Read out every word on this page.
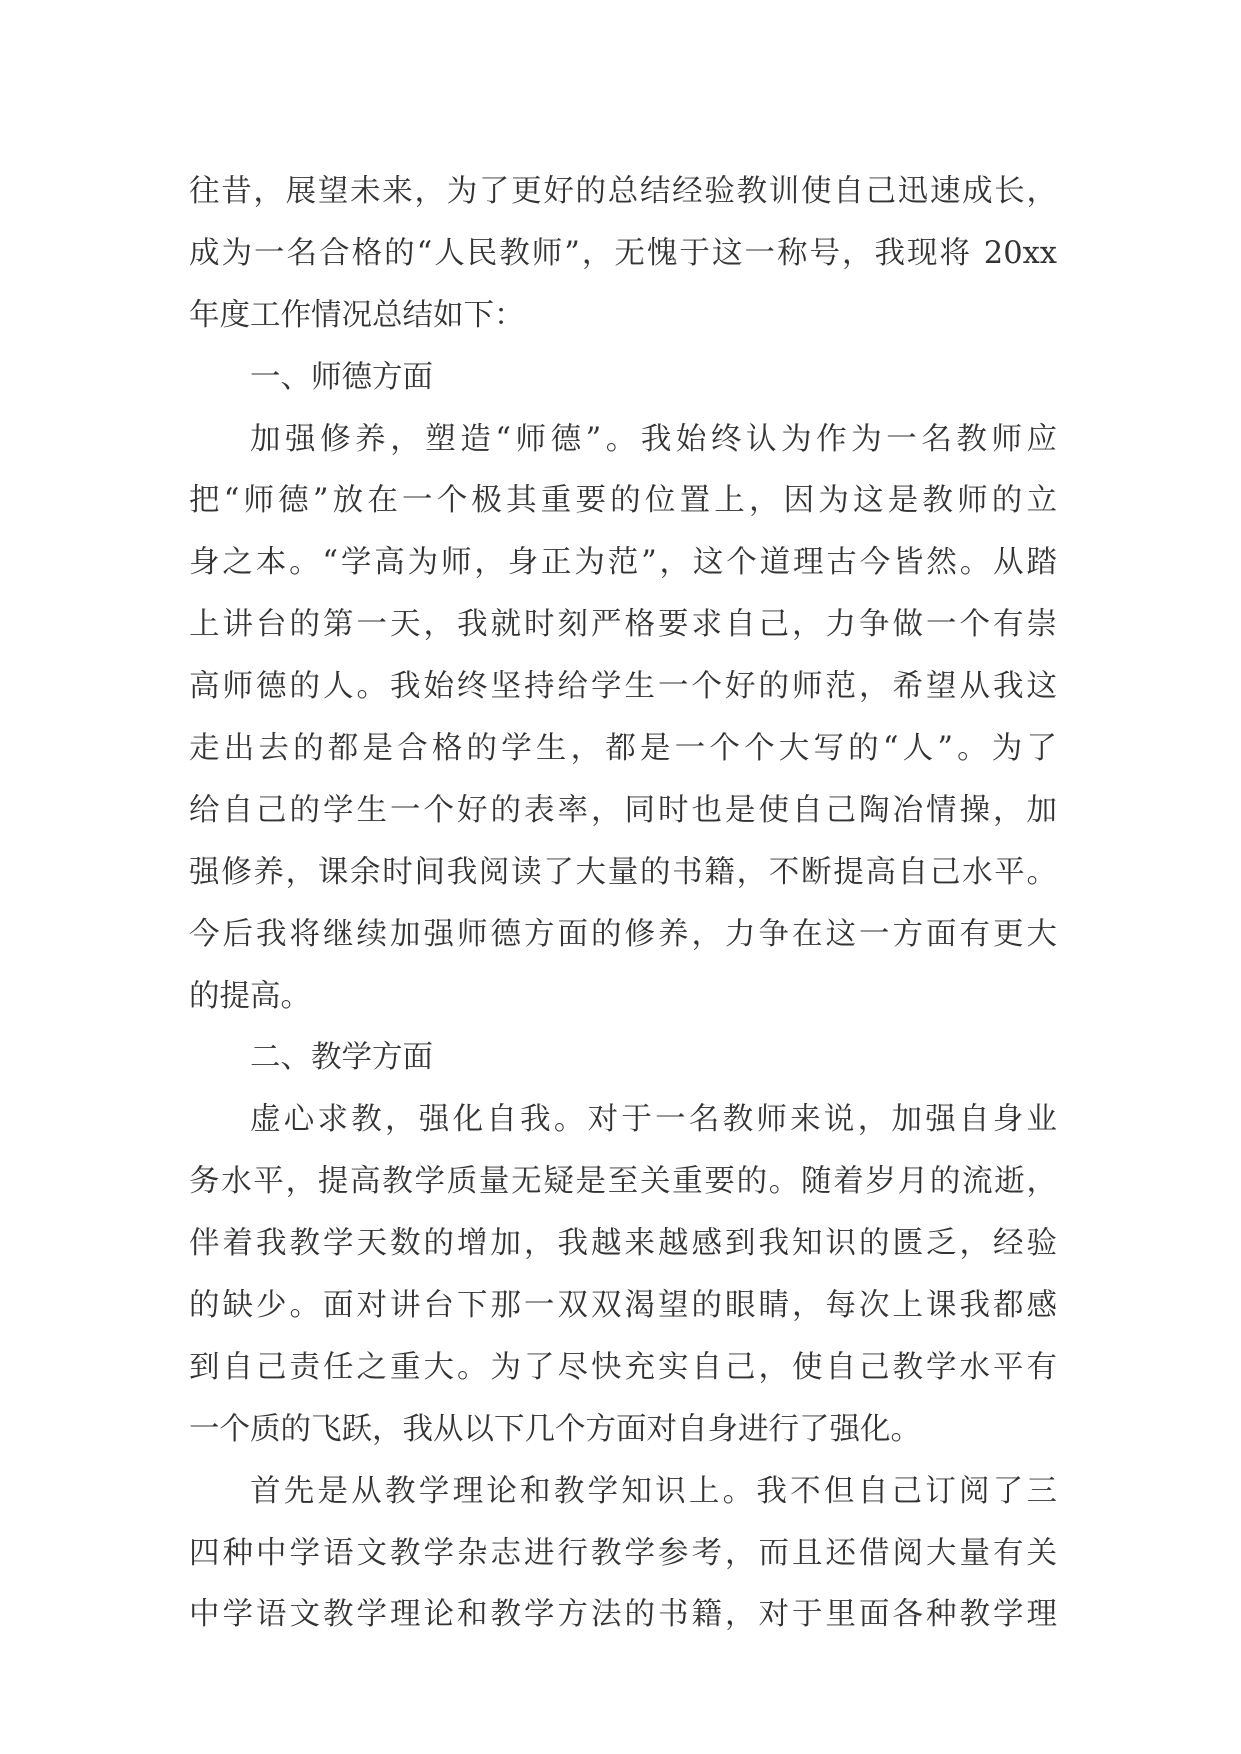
往昔，展望未来，为了更好的总结经验教训使自己迅速成长，
成为一名合格的“人民教师”，无愧于这一称号，我现将 20xx
年度工作情况总结如下：
一、师德方面
加强修养，塑造“师德”。我始终认为作为一名教师应
把“师德”放在一个极其重要的位置上，因为这是教师的立
身之本。“学高为师，身正为范”，这个道理古今皆然。从踏
上讲台的第一天，我就时刻严格要求自己，力争做一个有崇
高师德的人。我始终坚持给学生一个好的师范，希望从我这
走出去的都是合格的学生，都是一个个大写的“人”。为了
给自己的学生一个好的表率，同时也是使自己陶冶情操，加
强修养，课余时间我阅读了大量的书籍，不断提高自己水平。
今后我将继续加强师德方面的修养，力争在这一方面有更大
的提高。
二、教学方面
虚心求教，强化自我。对于一名教师来说，加强自身业
务水平，提高教学质量无疑是至关重要的。随着岁月的流逝，
伴着我教学天数的增加，我越来越感到我知识的匮乏，经验
的缺少。面对讲台下那一双双渴望的眼睛，每次上课我都感
到自己责任之重大。为了尽快充实自己，使自己教学水平有
一个质的飞跃，我从以下几个方面对自身进行了强化。
首先是从教学理论和教学知识上。我不但自己订阅了三
四种中学语文教学杂志进行教学参考，而且还借阅大量有关
中学语文教学理论和教学方法的书籍，对于里面各种教学理
